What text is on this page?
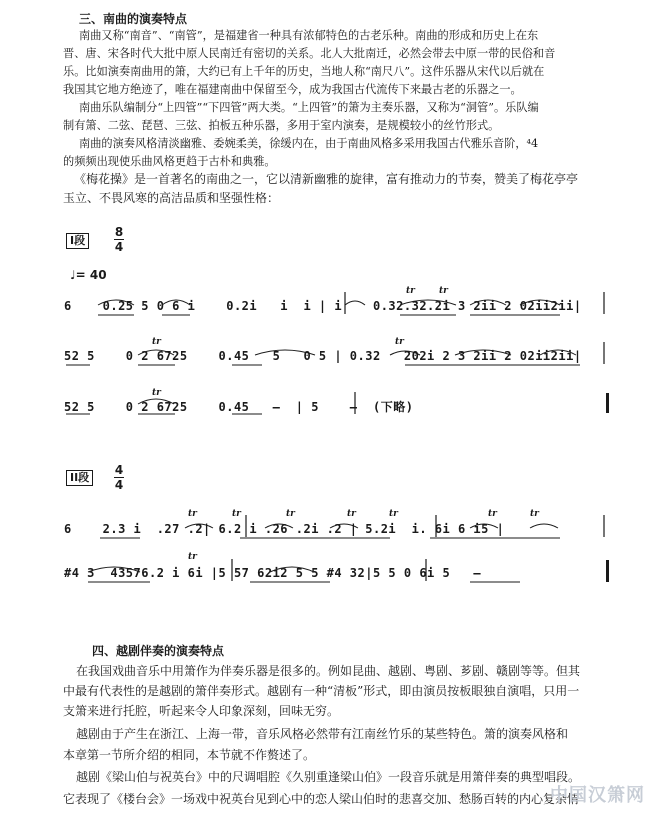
三、南曲的演奏特点
南曲又称“南音”、“南管”，是福建省一种具有浓郁特色的古老乐种。南曲的形成和历史上在东
晋、唐、宋各时代大批中原人民南迁有密切的关系。北人大批南迁，必然会带去中原一带的民俗和音
乐。比如演奏南曲用的箫，大约已有上千年的历史，当地人称“南尺八”。这件乐器从宋代以后就在
我国其它地方绝迹了，唯在福建南曲中保留至今，成为我国古代流传下来最古老的乐器之一。
南曲乐队编制分“上四管”“下四管”两大类。“上四管”的箫为主奏乐器，又称为“洞管”。乐队编
制有箫、二弦、琵琶、三弦、拍板五种乐器，多用于室内演奏，是规模较小的丝竹形式。
南曲的演奏风格清淡幽雅、委婉柔美，徐缓内在，由于南曲风格多采用我国古代雅乐音阶，⁴4
的频频出现使乐曲风格更趋于古朴和典雅。
《梅花操》是一首著名的南曲之一，它以清新幽雅的旋律，富有推动力的节奏，赞美了梅花亭亭
玉立、不畏风寒的高洁品质和坚强性格：
I段
8
4
♩= 40
tr	tr
6    0.25 5 0 6 i    0.2i   i  i | i    0.32.32.2i 3 2ii 2 02ii2ii|
tr	tr
52 5    0 2 6725    0.45   5   0 5 | 0.32   202i 2 3 2ii 2 02ii2ii|
tr
52 5    0 2 6725    0.45   —  | 5    —  (下略)
II段
4
4
tr	tr	tr	tr	tr	tr	tr
6    2.3 i  .27 .2| 6.2 i .26 .2i .2 | 5.2i  i. 6i 6 i5 |
tr
#4 3  43576.2 i 6i |5 57 62i2 5 5 #4 32|5 5 0 6i 5   —
四、越剧伴奏的演奏特点
在我国戏曲音乐中用箫作为伴奏乐器是很多的。例如昆曲、越剧、粤剧、芗剧、赣剧等等。但其
中最有代表性的是越剧的箫伴奏形式。越剧有一种“清板”形式，即由演员按板眼独自演唱，只用一
支箫来进行托腔，听起来令人印象深刻，回味无穷。
越剧由于产生在浙江、上海一带，音乐风格必然带有江南丝竹乐的某些特色。箫的演奏风格和
本章第一节所介绍的相同，本节就不作赘述了。
越剧《梁山伯与祝英台》中的尺调唱腔《久别重逢梁山伯》一段音乐就是用箫伴奏的典型唱段。
它表现了《楼台会》一场戏中祝英台见到心中的恋人梁山伯时的悲喜交加、愁肠百转的内心复杂情
中国汉箫网
